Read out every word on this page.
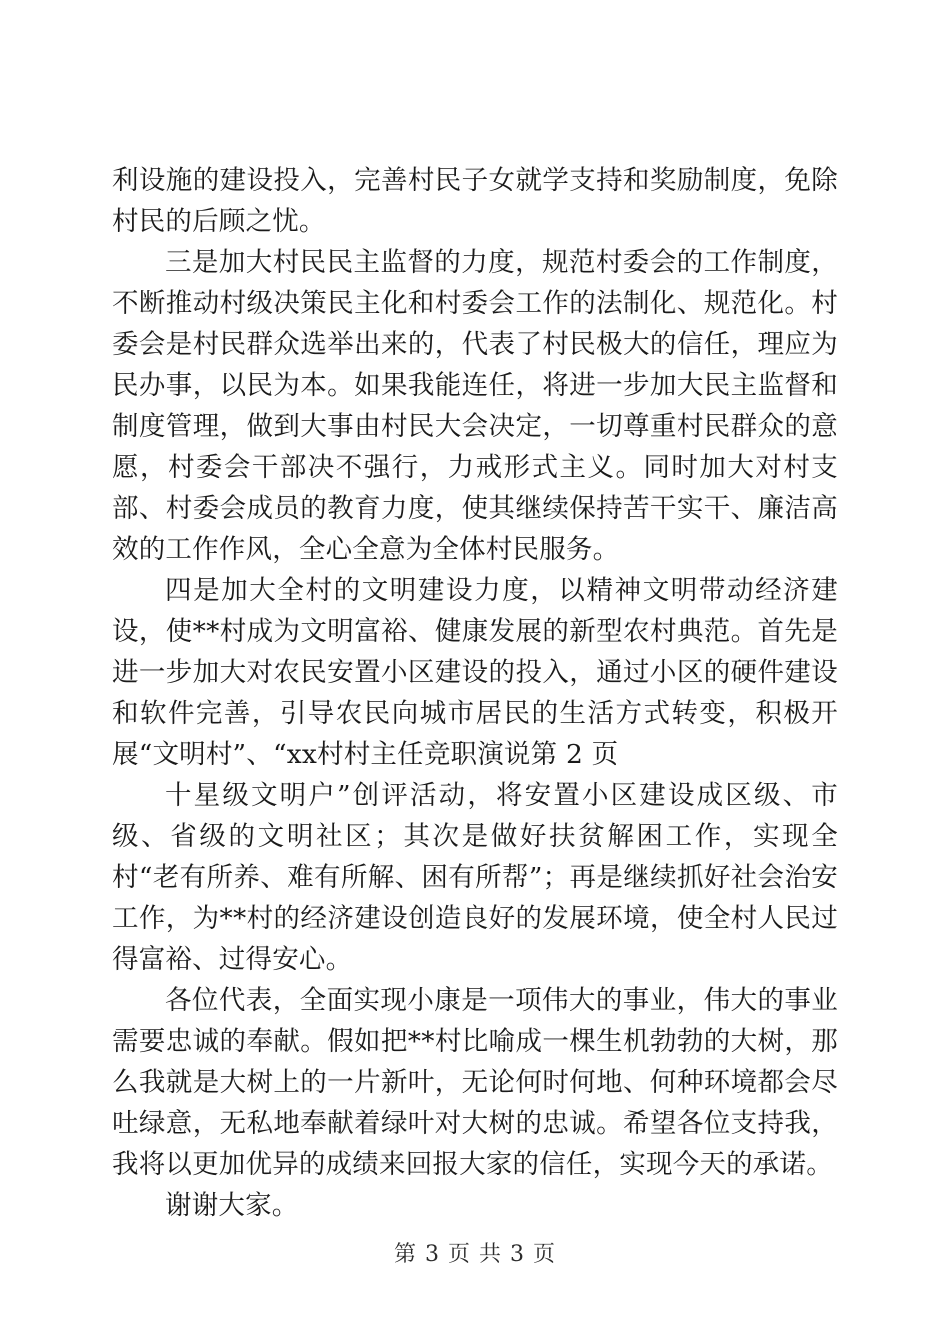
利设施的建设投入，完善村民子女就学支持和奖励制度，免除村民的后顾之忧。

三是加大村民民主监督的力度，规范村委会的工作制度，不断推动村级决策民主化和村委会工作的法制化、规范化。村委会是村民群众选举出来的，代表了村民极大的信任，理应为民办事，以民为本。如果我能连任，将进一步加大民主监督和制度管理，做到大事由村民大会决定，一切尊重村民群众的意愿，村委会干部决不强行，力戒形式主义。同时加大对村支部、村委会成员的教育力度，使其继续保持苦干实干、廉洁高效的工作作风，全心全意为全体村民服务。

四是加大全村的文明建设力度，以精神文明带动经济建设，使**村成为文明富裕、健康发展的新型农村典范。首先是进一步加大对农民安置小区建设的投入，通过小区的硬件建设和软件完善，引导农民向城市居民的生活方式转变，积极开展“文明村”、“xx村村主任竞职演说第 2 页

十星级文明户”创评活动，将安置小区建设成区级、市级、省级的文明社区；其次是做好扶贫解困工作，实现全村“老有所养、难有所解、困有所帮”；再是继续抓好社会治安工作，为**村的经济建设创造良好的发展环境，使全村人民过得富裕、过得安心。

各位代表，全面实现小康是一项伟大的事业，伟大的事业需要忠诚的奉献。假如把**村比喻成一棵生机勃勃的大树，那么我就是大树上的一片新叶，无论何时何地、何种环境都会尽吐绿意，无私地奉献着绿叶对大树的忠诚。希望各位支持我，我将以更加优异的成绩来回报大家的信任，实现今天的承诺。

谢谢大家。

第 3 页 共 3 页
